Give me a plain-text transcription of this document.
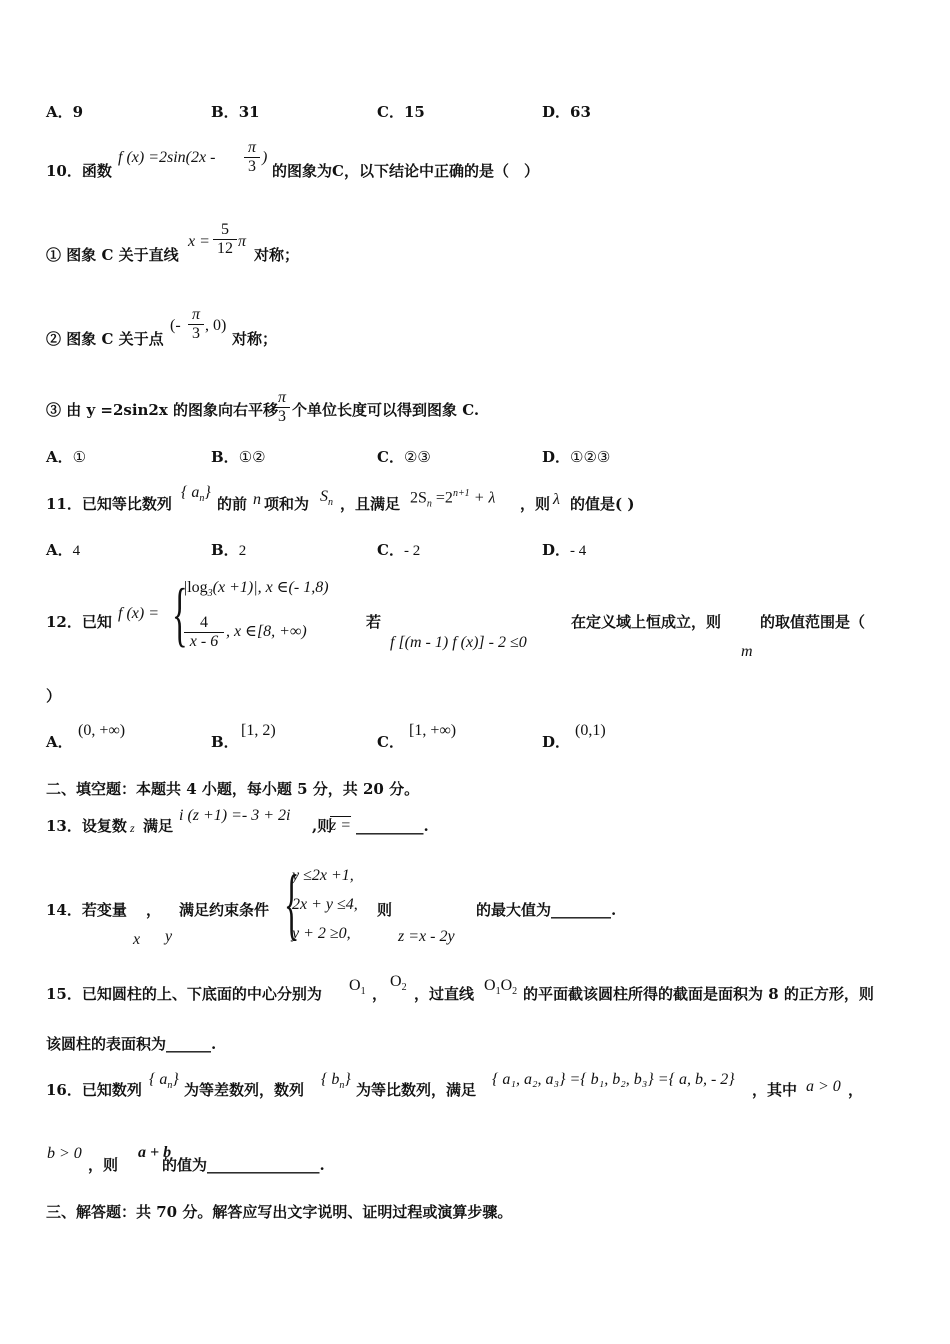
A．9	B．31	C．15	D．63
10．函数
f $(x) =2\sin(2x - \frac{\pi}{3}$ )
的图象为C，以下结论中正确的是（　）
① 图象 C 关于直线
$x = \frac{5}{12}$ π
对称；
② 图象 C 关于点
(- $\frac{\pi}{3}$ , 0)
对称；
③ 由 y =2sin2x 的图象向右平移
$\frac{\pi}{3}$ 个单位长度可以得到图象 C.
A．①	B．①②	C．②③	D．①②③
11．已知等比数列
{ $a_n$}
的前 n 项和为 $S_n$ ，且满足 $2S_n =2^{n+1} + \lambda$ ，则 λ 的值是( )
A．4	B．2	C．- 2	D．- 4
12．已知 f (x) = {
$|\log_3(x +1)|$, x ∈(- 1,8)
$\frac{4}{x - 6}$ , x ∈[8, +∞)
若
f [(m - 1) f (x)] - 2 ≤0
在定义域上恒成立，则	的取值范围是（
m
）
A．
(0, +∞)
B．
[1, 2)
C．
[1, +∞)
D．
(0,1)
二、填空题：本题共 4 小题，每小题 5 分，共 20 分。
13．设复数 z 满足
i (z +1) =- 3 + 2i
,则
z = _________.
14．若变量 ， 满足约束条件 {
y ≤2x +1,
2x + y ≤4,
y + 2 ≥0,
则	的最大值为________.
x y	z =x - 2y
15．已知圆柱的上、下底面的中心分别为 $O_1$ ，
$O_2$ ，过直线 $O_1O_2$ 的平面截该圆柱所得的截面是面积为 8 的正方形，则
该圆柱的表面积为______.
16．已知数列
{ $a_n$}
为等差数列，数列
{ $b_n$}
为等比数列，满足
{ a₁, a₂, a₃} ={ b₁, b₂, b₃} ={ a, b, - 2}
，其中 a > 0 ，
b > 0
，则
a + b
的值为_______________.
三、解答题：共 70 分。解答应写出文字说明、证明过程或演算步骤。
